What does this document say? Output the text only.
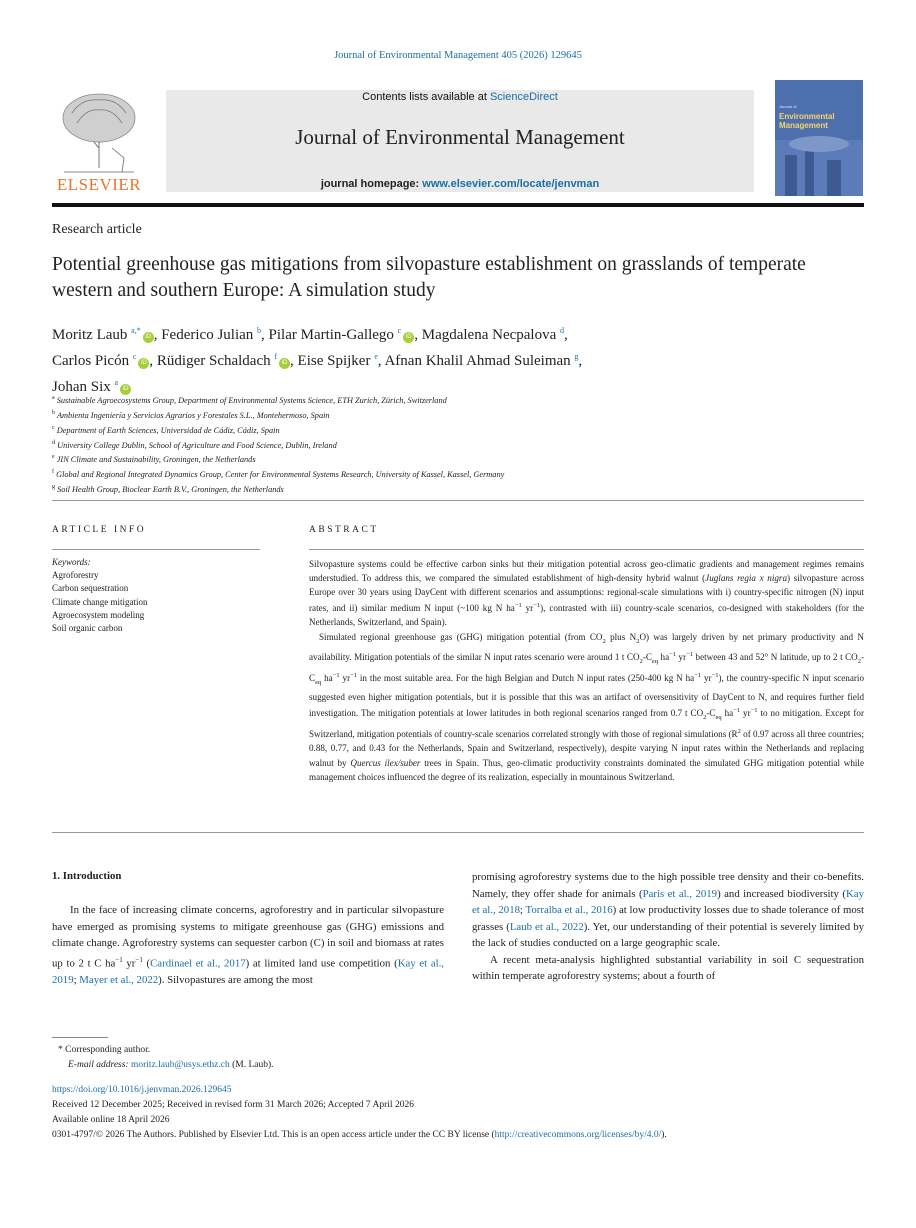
Journal of Environmental Management 405 (2026) 129645
ELSEVIER
Contents lists available at ScienceDirect
Journal of Environmental Management
journal homepage: www.elsevier.com/locate/jenvman
Journal of
Environmental
Management
Research article
Potential greenhouse gas mitigations from silvopasture establishment on grasslands of temperate western and southern Europe: A simulation study
Moritz Laub $^{a,*}$iD , Federico Julian $^b$, Pilar Martin-Gallego $^c$iD , Magdalena Necpalova $^d$,
Carlos Picón $^c$iD , Rüdiger Schaldach $^f$iD , Eise Spijker $^e$, Afnan Khalil Ahmad Suleiman $^g$,
Johan Six $^a$iD
$^a$ Sustainable Agroecosystems Group, Department of Environmental Systems Science, ETH Zurich, Zürich, Switzerland
$^b$ Ambienta Ingeniería y Servicios Agrarios y Forestales S.L., Montehermoso, Spain
$^c$ Department of Earth Sciences, Universidad de Cádiz, Cádiz, Spain
$^d$ University College Dublin, School of Agriculture and Food Science, Dublin, Ireland
$^e$ JIN Climate and Sustainability, Groningen, the Netherlands
$^f$ Global and Regional Integrated Dynamics Group, Center for Environmental Systems Research, University of Kassel, Kassel, Germany
$^g$ Soil Health Group, Bioclear Earth B.V., Groningen, the Netherlands
ARTICLE INFO
Keywords:
Agroforestry
Carbon sequestration
Climate change mitigation
Agroecosystem modeling
Soil organic carbon
ABSTRACT

Silvopasture systems could be effective carbon sinks but their mitigation potential across geo-climatic gradients and management regimes remains understudied. To address this, we compared the simulated establishment of high-density hybrid walnut (Juglans regia x nigra) silvopasture across Europe over 30 years using DayCent with different scenarios and assumptions: regional-scale simulations with i) country-specific nitrogen (N) input rates, and ii) similar medium N input (~100 kg N $ha^{-1}$ $yr^{-1}$), contrasted with iii) country-scale scenarios, co-designed with stakeholders (for the Netherlands, Switzerland, and Spain).

Simulated regional greenhouse gas (GHG) mitigation potential (from $CO_2$ plus $N_2O$) was largely driven by net primary productivity and N availability. Mitigation potentials of the similar N input rates scenario were around 1 t $CO_2-C_{eq}$ $ha^{-1}$ $yr^{-1}$ between 43 and 52° N latitude, up to 2 t $CO_2-C_{eq}$ $ha^{-1}$ $yr^{-1}$ in the most suitable area. For the high Belgian and Dutch N input rates (250-400 kg N $ha^{-1}$ $yr^{-1}$), the country-specific N input scenario suggested even higher mitigation potentials, but it is possible that this was an artifact of oversensitivity of DayCent to N, and requires further field investigation. The mitigation potentials at lower latitudes in both regional scenarios ranged from 0.7 t $CO_2-C_{eq}$ $ha^{-1}$ $yr^{-1}$ to no mitigation. Except for Switzerland, mitigation potentials of country-scale scenarios correlated strongly with those of regional simulations ($R^2$ of 0.97 across all three countries; 0.88, 0.77, and 0.43 for the Netherlands, Spain and Switzerland, respectively), despite varying N input rates within the Netherlands and replacing walnut by Quercus ilex/suber trees in Spain. Thus, geo-climatic productivity constraints dominated the simulated GHG mitigation potential while management choices influenced the degree of its realization, especially in mountainous Switzerland.

1. Introduction

In the face of increasing climate concerns, agroforestry and in particular silvopasture have emerged as promising systems to mitigate greenhouse gas (GHG) emissions and climate change. Agroforestry systems can sequester carbon (C) in soil and biomass at rates up to 2 t C $ha^{-1}$ $yr^{-1}$ (Cardinael et al., 2017) at limited land use competition (Kay et al., 2019; Mayer et al., 2022). Silvopastures are among the most

promising agroforestry systems due to the high possible tree density and their co-benefits. Namely, they offer shade for animals (Paris et al., 2019) and increased biodiversity (Kay et al., 2018; Torralba et al., 2016) at low productivity losses due to shade tolerance of most grasses (Laub et al., 2022). Yet, our understanding of their potential is severely limited by the lack of studies conducted on a large geographic scale.

A recent meta-analysis highlighted substantial variability in soil C sequestration within temperate agroforestry systems; about a fourth of

* Corresponding author.
E-mail address: moritz.laub@usys.ethz.ch (M. Laub).
https://doi.org/10.1016/j.jenvman.2026.129645
Received 12 December 2025; Received in revised form 31 March 2026; Accepted 7 April 2026
Available online 18 April 2026
0301-4797/© 2026 The Authors. Published by Elsevier Ltd. This is an open access article under the CC BY license (http://creativecommons.org/licenses/by/4.0/).
